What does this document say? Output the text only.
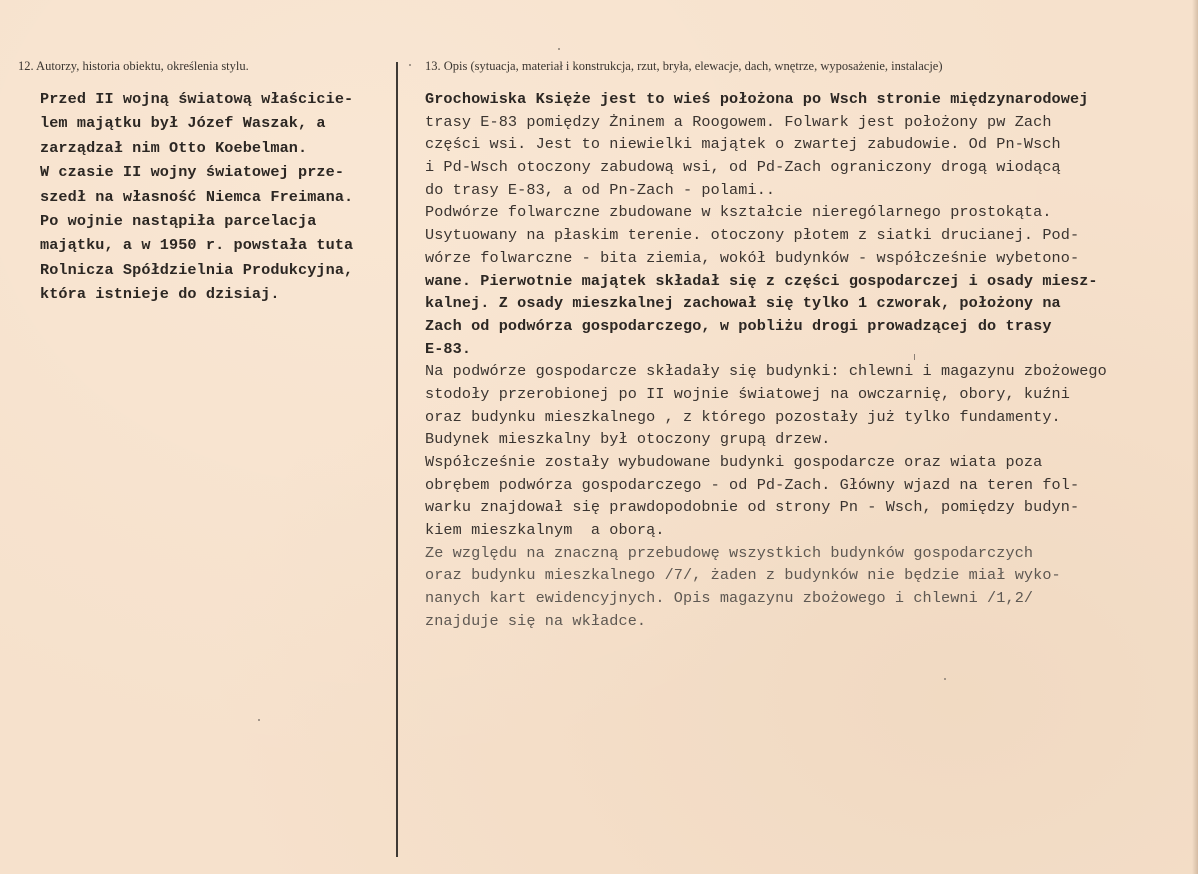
12. Autorzy, historia obiektu, określenia stylu.	13. Opis (sytuacja, materiał i konstrukcja, rzut, bryła, elewacje, dach, wnętrze, wyposażenie, instalacje)
Przed II wojną światową właściciе-
lem majątku był Józef Waszak, a
zarządzał nim Otto Koebelman.
W czasie II wojny światowej prze-
szedł na własność Niemca Freimana.
Po wojnie nastąpiła parcelacja
majątku, a w 1950 r. powstała tuta
Rolnicza Spółdzielnia Produkcyjna,
która istnieje do dzisiaj.
Grochowiska Księże jest to wieś położona po Wsch stronie międzynarodowej
trasy E-83 pomiędzy Żninem a Roogowem. Folwark jest położony pw Zach
części wsi. Jest to niewielki majątek o zwartej zabudowie. Od Pn-Wsch
i Pd-Wsch otoczony zabudową wsi, od Pd-Zach ograniczony drogą wiodącą
do trasy E-83, a od Pn-Zach - polami..
Podwórze folwarczne zbudowane w kształcie nierególarnego prostokąta.
Usytuowany na płaskim terenie. otoczony płotem z siatki drucianej. Pod-
wórze folwarczne - bita ziemia, wokół budynków - współcześnie wybetono-
wane. Pierwotnie majątek składał się z części gospodarczej i osady miesz-
kalnej. Z osady mieszkalnej zachował się tylko 1 czworak, położony na
Zach od podwórza gospodarczego, w pobliżu drogi prowadzącej do trasy
E-83.
Na podwórze gospodarcze składały się budynki: chlewni i magazynu zbożowego
stodoły przerobionej po II wojnie światowej na owczarnię, obory, kuźni
oraz budynku mieszkalnego , z którego pozostały już tylko fundamenty.
Budynek mieszkalny był otoczony grupą drzew.
Współcześnie zostały wybudowane budynki gospodarcze oraz wiata poza
obrębem podwórza gospodarczego - od Pd-Zach. Główny wjazd na teren fol-
warku znajdował się prawdopodobnie od strony Pn - Wsch, pomiędzy budyn-
kiem mieszkalnym  a oborą.
Ze względu na znaczną przebudowę wszystkich budynków gospodarczych
oraz budynku mieszkalnego /7/, żaden z budynków nie będzie miał wyko-
nanych kart ewidencyjnych. Opis magazynu zbożowego i chlewni /1,2/
znajduje się na wkładce.
